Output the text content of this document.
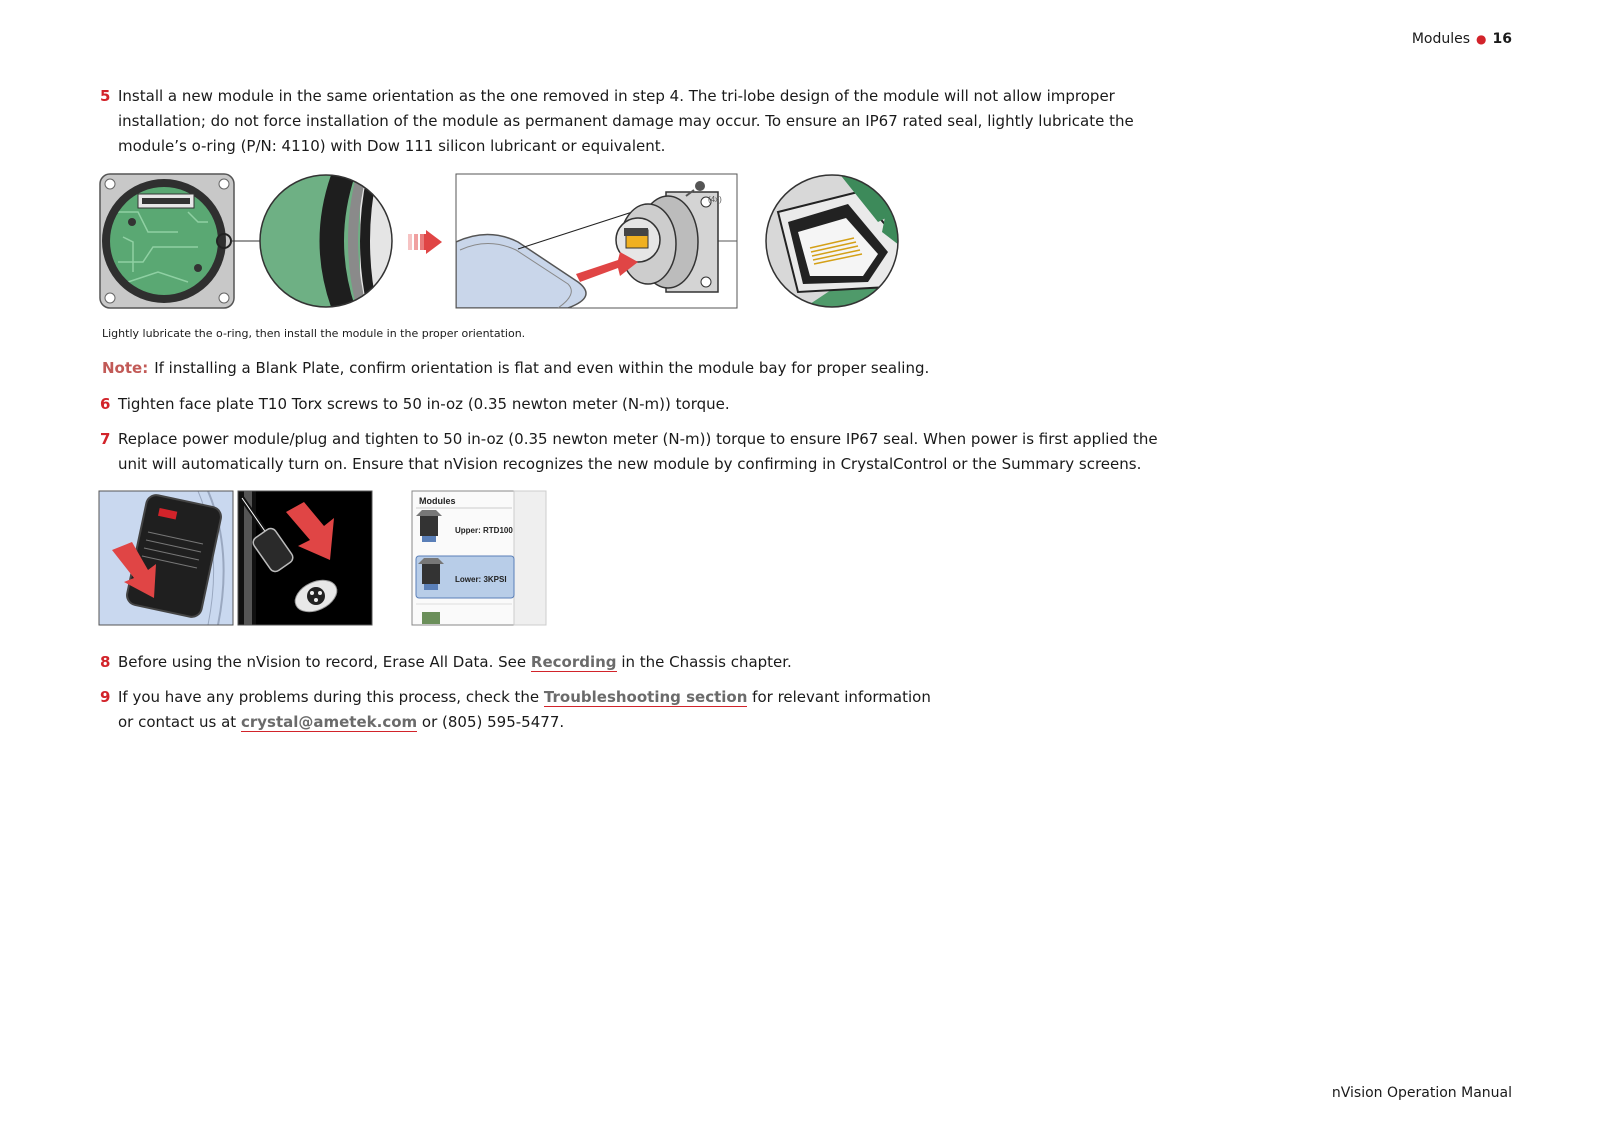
Modules ● 16
5 Install a new module in the same orientation as the one removed in step 4. The tri-lobe design of the module will not allow improper installation; do not force installation of the module as permanent damage may occur. To ensure an IP67 rated seal, lightly lubricate the module’s o-ring (P/N: 4110) with Dow 111 silicon lubricant or equivalent.
(4x)
Lightly lubricate the o-ring, then install the module in the proper orientation.
Note: If installing a Blank Plate, confirm orientation is flat and even within the module bay for proper sealing.
6 Tighten face plate T10 Torx screws to 50 in-oz (0.35 newton meter (N-m)) torque.
7 Replace power module/plug and tighten to 50 in-oz (0.35 newton meter (N-m)) torque to ensure IP67 seal. When power is first applied the unit will automatically turn on. Ensure that nVision recognizes the new module by confirming in CrystalControl or the Summary screens.
Modules
Upper: RTD100
Lower: 3KPSI
8 Before using the nVision to record, Erase All Data. See Recording in the Chassis chapter.
9 If you have any problems during this process, check the Troubleshooting section for relevant information or contact us at crystal@ametek.com or (805) 595-5477.
nVision Operation Manual
